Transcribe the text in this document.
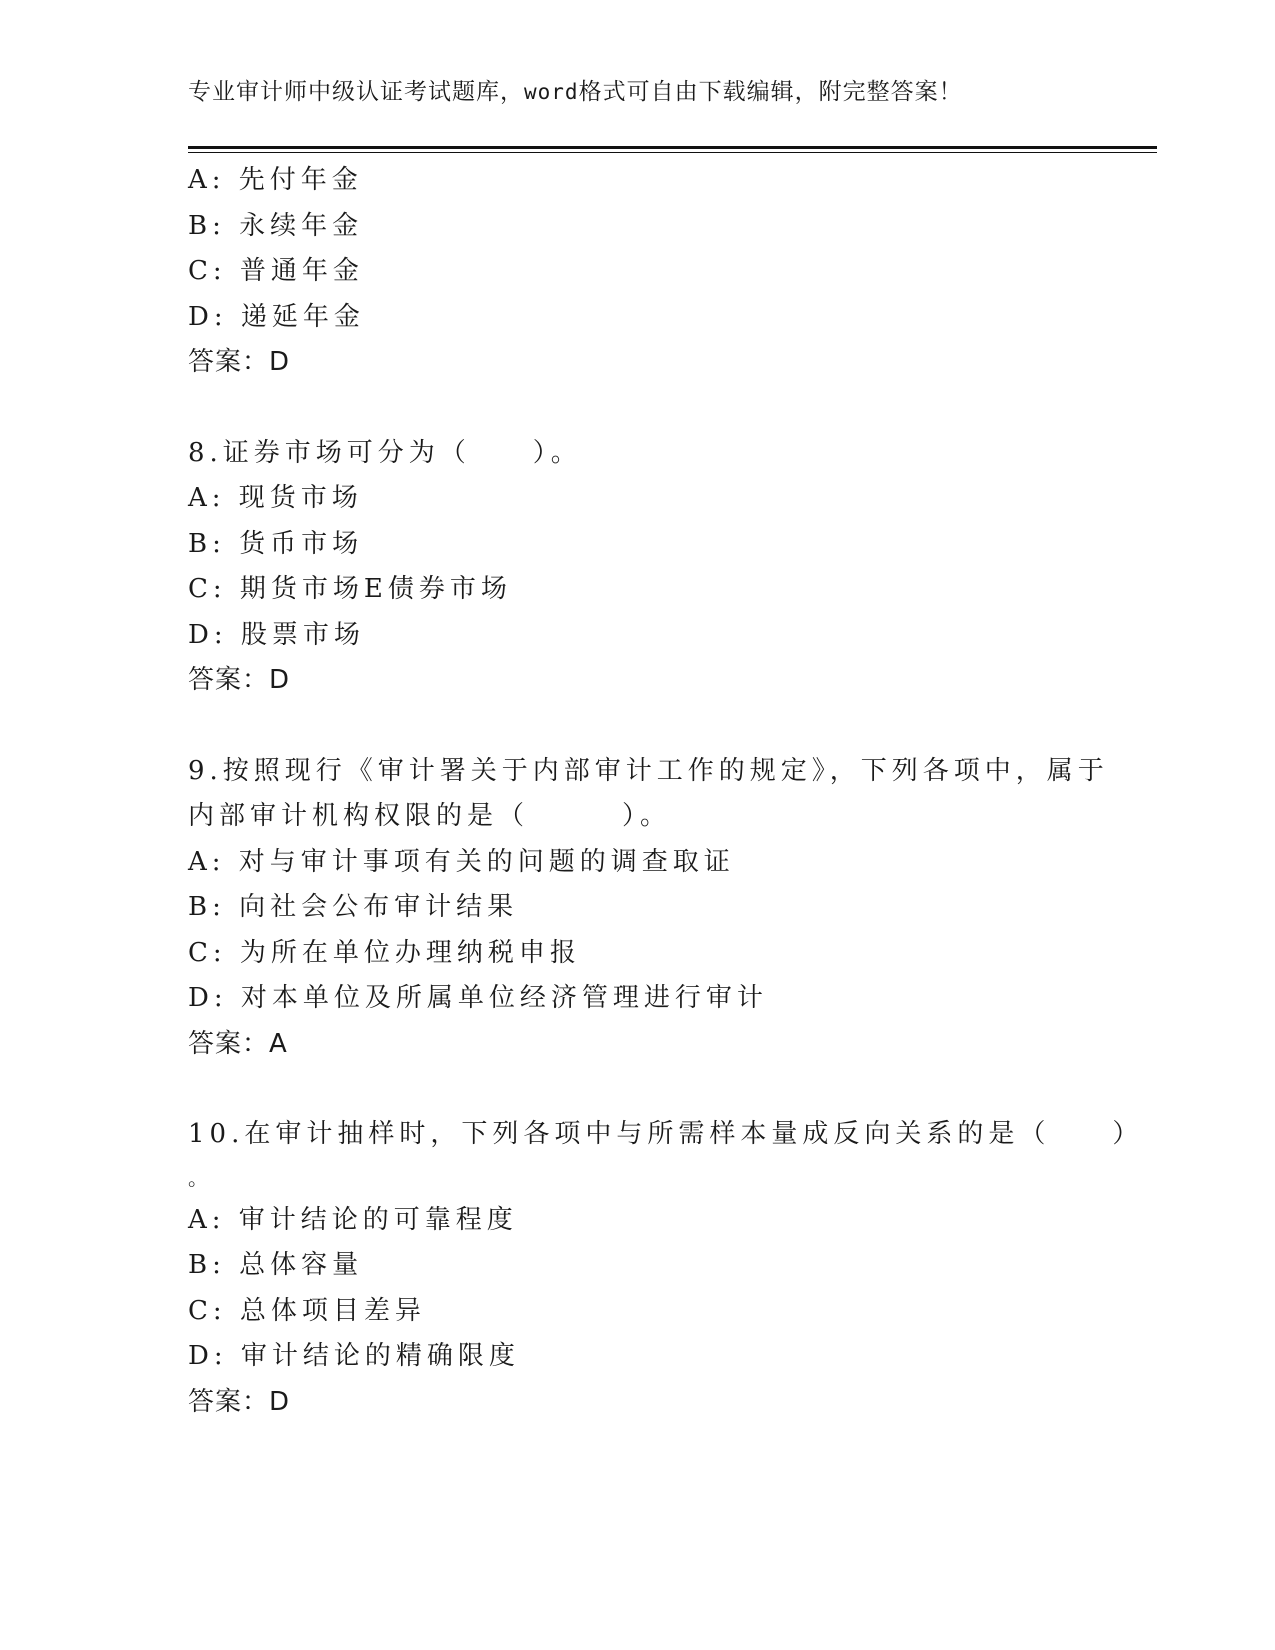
专业审计师中级认证考试题库，word格式可自由下载编辑，附完整答案！
A: 先付年金
B: 永续年金
C: 普通年金
D: 递延年金
答案：D
8.证券市场可分为（　　）。
A: 现货市场
B: 货币市场
C: 期货市场E债券市场
D: 股票市场
答案：D
9.按照现行《审计署关于内部审计工作的规定》，下列各项中，属于
内部审计机构权限的是（　　　）。
A: 对与审计事项有关的问题的调查取证
B: 向社会公布审计结果
C: 为所在单位办理纳税申报
D: 对本单位及所属单位经济管理进行审计
答案：A
10.在审计抽样时，下列各项中与所需样本量成反向关系的是（　　）
。
A: 审计结论的可靠程度
B: 总体容量
C: 总体项目差异
D: 审计结论的精确限度
答案：D
